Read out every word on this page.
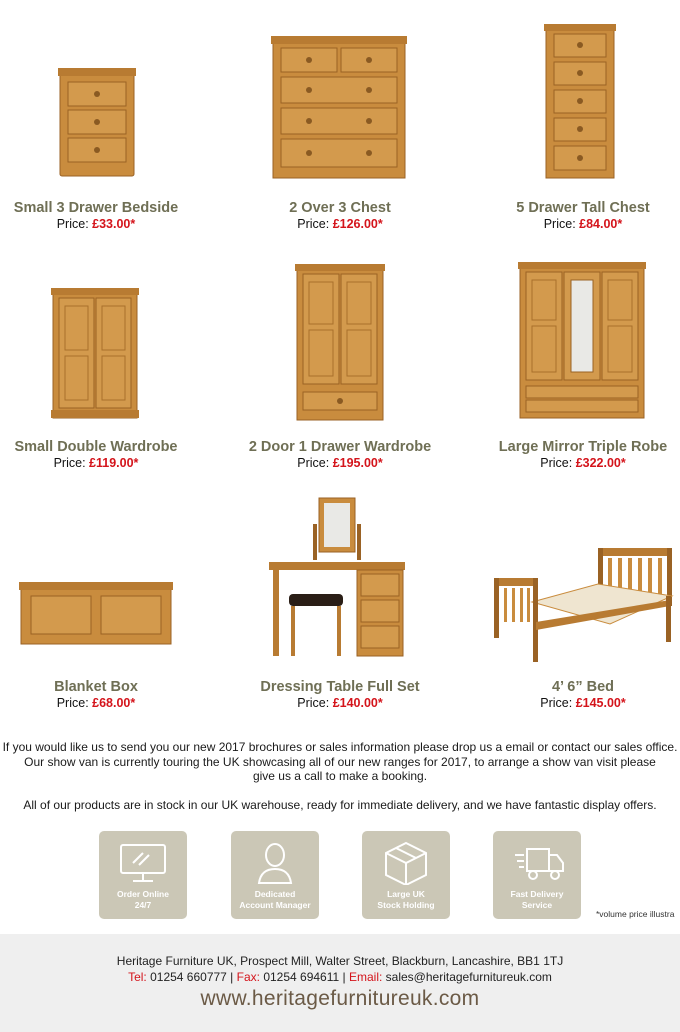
Small 3 Drawer Bedside
Price: £33.00*
2 Over 3 Chest
Price: £126.00*
5 Drawer Tall Chest
Price: £84.00*
Small Double Wardrobe
Price: £119.00*
2 Door 1 Drawer Wardrobe
Price: £195.00*
Large Mirror Triple Robe
Price: £322.00*
Blanket Box
Price: £68.00*
Dressing Table Full Set
Price: £140.00*
4’ 6” Bed
Price: £145.00*
If you would like us to send you our new 2017 brochures or sales information please drop us a email or contact our sales office.
Our show van is currently touring the UK showcasing all of our new ranges for 2017, to arrange a show van visit please
give us a call to make a booking.
All of our products are in stock in our UK warehouse, ready for immediate delivery, and we have fantastic display offers.
Order Online
24/7
Dedicated
Account Manager
Large UK
Stock Holding
Fast Delivery
Service
*volume price illustra
Heritage Furniture UK, Prospect Mill, Walter Street, Blackburn, Lancashire, BB1 1TJ
Tel: 01254 660777 | Fax: 01254 694611 | Email: sales@heritagefurnitureuk.com
www.heritagefurnitureuk.com
